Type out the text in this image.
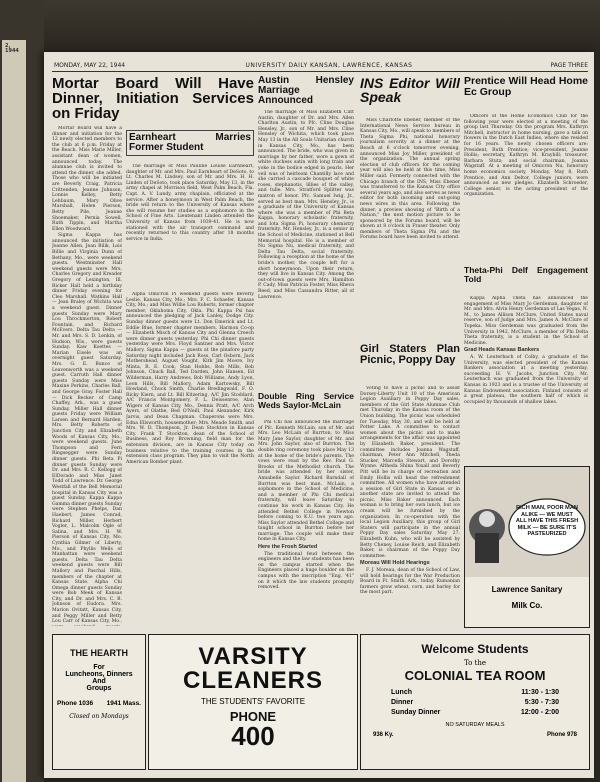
2, 1944
MONDAY, MAY 22, 1944	UNIVERSITY DAILY KANSAN, LAWRENCE, KANSAS	PAGE THREE
Mortar Board Will Have Dinner, Initiation Services on Friday

Mortar Board will have a dinner and initiation for the 12 newly elected members to the club at 6 p.m. Friday at the Beach. Miss Marie Miller, assistant dean of women, announced today. The alumnae club is invited to attend the dinner, she added. Those who will be initiated are Beverly Craig, Patricia Crittenden, Jeanne Johnson, Lonnie Kelley, Betty Lehbaum, Mary Olive Marshall, Helen Pierson, Betty Pile, Jeanne Shoemaker, Pernia Sowell, Ruth Tippin, and Martha Ellen Woodward.

Sigma Kappa has announced the initiation of Jeanne Allen, Jean Bilik, Lois Billie and Virginia Dunn of Bethany, Mo., were weekend guests. Westminster Hall weekend guests were Mrs. Charles Gregory and Kreader Gregory of Lexington, Ill. Ricker Hall held a birthday dinner Friday evening for Cleo Marshall. Watkins Hall — Jean Braley of Wichita was a weekend guest. Dinner guests Sunday were Mary Lou Throckmorton, Robert Fountain, and Richard McEvers. Delta Tau Delta — Mr. and Mrs. S. D. Lenkin, of Hudson, Wis., were guests Sunday. Kaw Koettes — Marian Eisele was an overnight guest Saturday. Mrs. G. E. Bunce of Leavenworth was a weekend guest. Carruth Hall dinner guests Sunday were Miss Maxine Perkins, Charles Ball, and George Gray. Foster Hall — Dick Becker of Camp Chaffey, Ark., was a guest Sunday. Miller Hall dinner guests Friday were William Larsen and Bernard Harden. Mrs. Betty Roberts of Junction City and Elizabeth Woods of Kansas City, Mo., were weekend guests. June Thompson and Fern Ringsegger were Sunday dinner guests. Phi Beta Pi dinner guests Sunday were Dr. and Mrs. R. C. Kellogg of ElDorado and Miss Janet Todd of Lawrence. Dr. George Westfall of the Bell Memorial hospital in Kansas City was a guest Sunday. Kappa Kappa Gamma dinner guests Sunday were Stephen Phelps, Dan Haebert, James Conrad, Richard Miller, Herbert Vogler, L. Malcolm Ogle of Salina, and Mrs. H. W. Pierson of Kansas City, Mo. Cynthia Gilmer of Liberty, Mo., and Phyllis Wells of Manhattan were weekend guests. Delta Tau Delta weekend guests were Bill Mallory and Paschal Hills, members of the chapter at Kansas State. Alpha Chi Omega dinner guests Sunday were Bob Meek of Kansas City, and Dr. and Mrs. C. B. Johnson of Eudora. Mrs. Marion Ovitatt, Kansas City, and Peggy Miller and Betty Lou Carr of Kansas City, Mo.,

Earnheart Marries Former Student

The marriage of Miss Pauline Louise Earnheart, daughter of Mr. and Mrs. Paul Earnheart of DeSoto, to Lt. Charles M. Lindsey, son of Mr. and Mrs. H. H. Linden of DeSoto, took place Saturday, May 13, in the army chapel at Morrison field, West Palm Beach, Fla. Capt. A. V. Lundy, army chaplain, officiated at the service. After a honeymoon in West Palm Beach, the bride will return to the University of Kansas where she will resume her studies as a sophomore in the School of Fine Arts. Lieutenant Linden attended the University of Kansas from 1939-41. He is now stationed with the air transport command and recently returned to this country after 18 months service in India.

Alpha Omicron Pi weekend guests were Beverly Leslie, Kansas City, Mo.; Mrs. F. C. Schaefer, Kansas City, Mo.; and Miss Willie Lou Roberts, former chapter member, Oklahoma City, Okla. Phi Kappa Psi has announced the pledging of Jack Lanley, Dodge City. Sunday dinner guests were Lt. Don Emerick and Lt. Eddie Blue, former chapter members. Harmon Co-op — Elizabeth Misch of Kansas City and Glenna Creech were dinner guests yesterday. Phi Chi dinner guests yesterday were Mrs. Floyd Santner and Mrs. Victor Mallory. Sigma Kappa — guests at the pinafore party Saturday night included Jack Ross, Carl Osborn, Jack Mothershead, August Vought, Kirk Jim Moore, Ivy Minta, R. E. Cook, Stan Hobbs, Bob Mills, Bob Johnson, Chuck Ball, Ted Darden, John Hansen, Ed Wilderman, Harry Andrews, Bob Williams, Andy Lyon, Leon Hills, Bill Mallory, Adam Kartowsky, Bill Howland, Chuck Smith, Charlie Bredingwald, F. O. Ricky Kiern, and Lt. Bill Kitzering, A/C Jim Stoddard, A/C Francis Montgomery, F. L. Deissenroe, Alan Wigers of Kansas City, Mo., Dennis Pratt, A/C Arch Ayers, of Olathe, Bed O'Neill, Paul Alexander, Kirk Jarvis, and Dean Chapman. Chaperons were Mrs. Edna Ellsworth, housemother; Mrs. Meade Smith, and Mrs. W. D. Thompson, Jr. Dean Stockton in Kansas City. Frank T. Stockton, dean of the School of Business, and Roy Browning, field man for the extension division, are in Kansas City today on business relative to the training courses in the extension class program. They plan to visit the North American Bomber plant.

Austin Hensley Marriage Announced

The marriage of Miss Elizabeth Catt Austin, daughter of Dr. and Mrs. Allen Charlton Austin, to Pfc. Cline Douglas Hensley, Jr., son of Mr. and Mrs. Cline Hensley of Wichita, which took place May 13 in the All Souls Unitarian church in Kansas City, Mo., has been announced. The bride, who was given in marriage by her father, wore a gown of white duchess satin with long train and yoke in the bodice edged in pearls. Her veil was of heirloom Chantilly lace and she carried a cascade bouquet of white roses, stephanotis, lillies of the valley, and tulle. Mrs. Stratford Splitter was matron of honor. Pfc. Samuel Iwig, Jr., served as best man. Mrs. Hensley, Jr., is a graduate of the University of Kansas where she was a member of Phi Beta Kappa, honorary scholastic fraternity, and Iota Sigma Pi, honorary chemistry fraternity. Mr. Hensley, Jr., is a senior in the School of Medicine, stationed at Bell Memorial hospital. He is a member of Nu Sigma Nu, medical fraternity, and Delta Tau Delta, social fraternity. Following a reception at the home of the bride's mother, the couple left for a short honeymoon. Upon their return, they will live in Kansas City. Among the out-of-town guests were Mrs. Hamilton P. Cady, Miss Patricia Foster, Miss Rheva Reed, and Miss Cassandra Ritter, all of Lawrence.

Double Ring Service Weds Saylor-McLain

Phi Chi has announced the marriage of Pfc. Kenneth McLain, son of Mr. and Mrs. Leo McLain of Burrton, to Miss Mary Jane Saylor, daughter of Mr. and Mrs. John Saylor, also of Burrton. The double ring ceremony took place May 13 at the home of the bride's parents. The vows were read by the Rev. Paul G. Brooks of the Methodist church. The bride was attended by her sister, Annabelle Saylor. Richard Barndall of Burrton was best man. McLain, a sophomore in the School of Medicine, and a member of Phi Chi medical fraternity, will leave Saturday to continue his work in Kansas City. He attended Bethel College in Newton before coming to K.U. two years ago. Miss Saylor attended Bethel College and taught school in Burrton before her marriage. The couple will make their home in Kansas City.

Here the Frosh Started

The traditional feud between the engineers and the law students has been on the campus started when the Engineers placed a huge boulder on the campus with the inscription "Eng. '41" on it which the law students promptly removed.

INS Editor Will Speak

Miss Charlotte Ebener, member of the International News Service bureau in Kansas City, Mo., will speak to members of Theta Sigma Phi, national honorary journalism sorority at a dinner at the Beach at 6 o'clock tomorrow evening, announced Miss Joy Miller, president of the organization. The annual spring election of club officers for the coming year will also be held at this time, Miss Miller said. Formerly connected with the Chicago branch of the INS, Miss Ebener was transferred to the Kansas City office several years ago, and also serves as news editor for both incoming and out-going news wires in this area. Following the dinner, a preview showing of "Birth of a Nation," the next motion picture to be sponsored by the Forums board, will be shown at 8 o'clock in Fraser theater. Only members of Theta Sigma Phi and the Forums board have been invited to attend.

Girl Staters Plan Picnic, Poppy Day

Voting to have a picnic and to assist Dorsey-Liberty Unit 10 of the American Legion Auxiliary in Poppy Day sales, members of the Girl State Alumnae Club met Thursday in the Kansas room of the Union building. The picnic was scheduled for Tuesday, May 30, and will be held at Potter Lake. A committee to contact women about the picnic and to make arrangements for the affair was appointed by Elizabeth Baker, president. The committee includes Joanna Wagstaff, chairman, Peter Ann Mitchell, Theda Stucker, Marcella Stewart, and Dorothy Wynne. Altheda Shina Yoxall and Beverly Pitt will be in charge of recreation and Emily Hollis will head the refreshment committee. All women who have attended a session of Girl State in Kansas or in another state are invited to attend the picnic, Miss Baker announced. Each woman is to bring her own lunch, but ice cream will be furnished by the organization. In co-operation with the local Legion Auxiliary, this group of Girl Staters will participate in the annual Poppy Day sales Saturday May 27. Elizabeth Kuhn, who will be assisted by Betty Cheney, Louise Reich, and Elizabeth Baker, is chairman of the Poppy Day committee.

Moreau Will Hold Hearings

F. J. Moreau, dean of the School of Law, will hold hearings for the War Production Board in Ft. Smith, Ark., today. Rumanian farmers grow wheat, corn, and barley for the most part.

Prentice Will Head Home Ec Group

Officers of the Home Economics Club for the following year were elected at a meeting of the group last Thursday. On the program Mrs. Kathryn Mitchell, instructor in home nursing, gave a talk on flowers in the Dutch East Indies, where she resided for 16 years. The newly chosen officers are: President, Ruth Prentice; vice-president, Jeanne Hollis; secretary, Kathryn M. Kraybill; treasurer, Barbara Stutz; and social chairman, Joanna Wagstaff. At a meeting of Omicron Nu, honorary home economics society, Monday, May 8, Ruth Prentice, and Ann Deltor, College juniors, were announced as new pledges. Elizabeth Schroeder, College senior, is the acting president of the organization.

Theta-Phi Delf Engagement Told

Kappa Alpha Theta has announced the engagement of Miss Mary Jo Gerdeman, daughter of Mr. and Mrs. Alvin Henry Gerdeman of Las Vegas, N. M., to James Allison McClure, United States naval reserve, son of Judge and Mrs. James A. McClure of Topeka. Miss Gerdeman was graduated from the University in 1942. McClure, a member of Phi Delta Theta fraternity, is a student in the School of Medicine.

Grad Heads Kansas Bankers

A. W. Leuterbach of Colby, a graduate of the University, was elected president of the Kansas Bankers association at a meeting yesterday, succeeding H. V. Jacobs, Junction City. Mr. Leuterbach was graduated from the University of Kansas in 1923 and is a trustee of the University of Kansas Endowment association. Finland consists of a great plateau, the southern half of which is occupied by thousands of shallow lakes.

RICH MAN, POOR MAN ALIKE — WE MUST ALL HAVE THIS FRESH MILK — BE SURE IT'S PASTEURIZED
Lawrence Sanitary
Milk Co.
THE HEARTH
For
Luncheons, Dinners
And
Groups
Phone 1036 1941 Mass.
Closed on Mondays
VARSITY
CLEANERS
THE STUDENTS' FAVORITE
PHONE
400
Welcome Students
To the
COLONIAL TEA ROOM
Lunch	11:30 - 1:30
Dinner	5:30 - 7:30
Sunday Dinner	12:00 - 2:00
NO SATURDAY MEALS
936 Ky.	Phone 978
